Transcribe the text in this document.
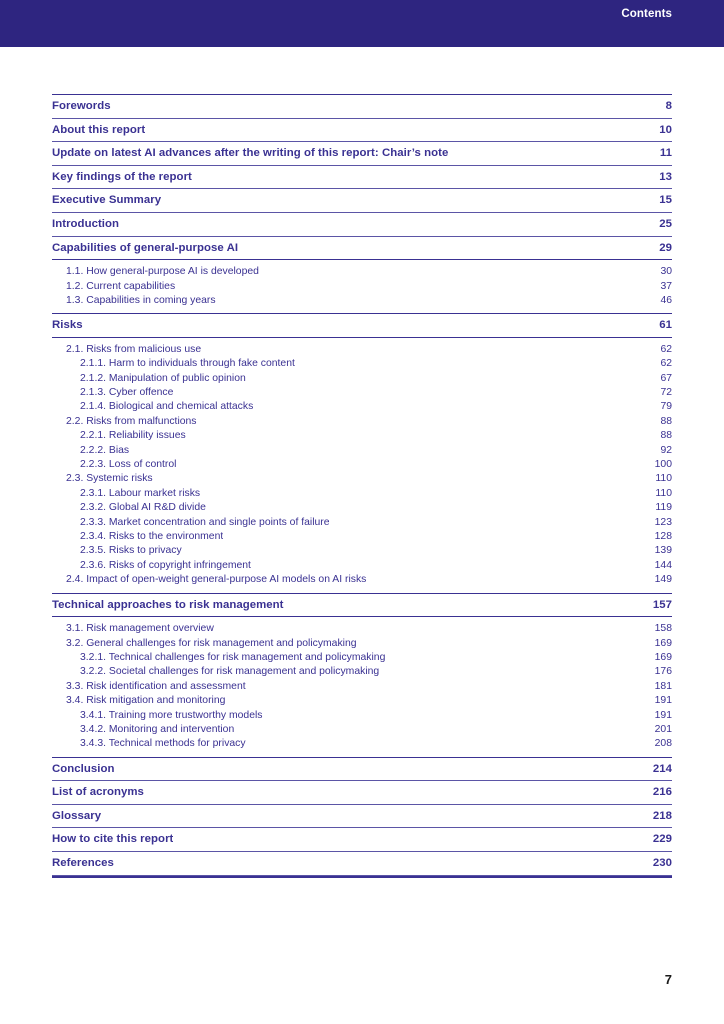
Contents
Forewords	8
About this report	10
Update on latest AI advances after the writing of this report: Chair’s note	11
Key findings of the report	13
Executive Summary	15
Introduction	25
Capabilities of general-purpose AI	29
1.1. How general-purpose AI is developed	30
1.2. Current capabilities	37
1.3. Capabilities in coming years	46
Risks	61
2.1. Risks from malicious use	62
2.1.1. Harm to individuals through fake content	62
2.1.2. Manipulation of public opinion	67
2.1.3. Cyber offence	72
2.1.4. Biological and chemical attacks	79
2.2. Risks from malfunctions	88
2.2.1. Reliability issues	88
2.2.2. Bias	92
2.2.3. Loss of control	100
2.3. Systemic risks	110
2.3.1. Labour market risks	110
2.3.2. Global AI R&D divide	119
2.3.3. Market concentration and single points of failure	123
2.3.4. Risks to the environment	128
2.3.5. Risks to privacy	139
2.3.6. Risks of copyright infringement	144
2.4. Impact of open-weight general-purpose AI models on AI risks	149
Technical approaches to risk management	157
3.1. Risk management overview	158
3.2. General challenges for risk management and policymaking	169
3.2.1. Technical challenges for risk management and policymaking	169
3.2.2. Societal challenges for risk management and policymaking	176
3.3. Risk identification and assessment	181
3.4. Risk mitigation and monitoring	191
3.4.1. Training more trustworthy models	191
3.4.2. Monitoring and intervention	201
3.4.3. Technical methods for privacy	208
Conclusion	214
List of acronyms	216
Glossary	218
How to cite this report	229
References	230
7
